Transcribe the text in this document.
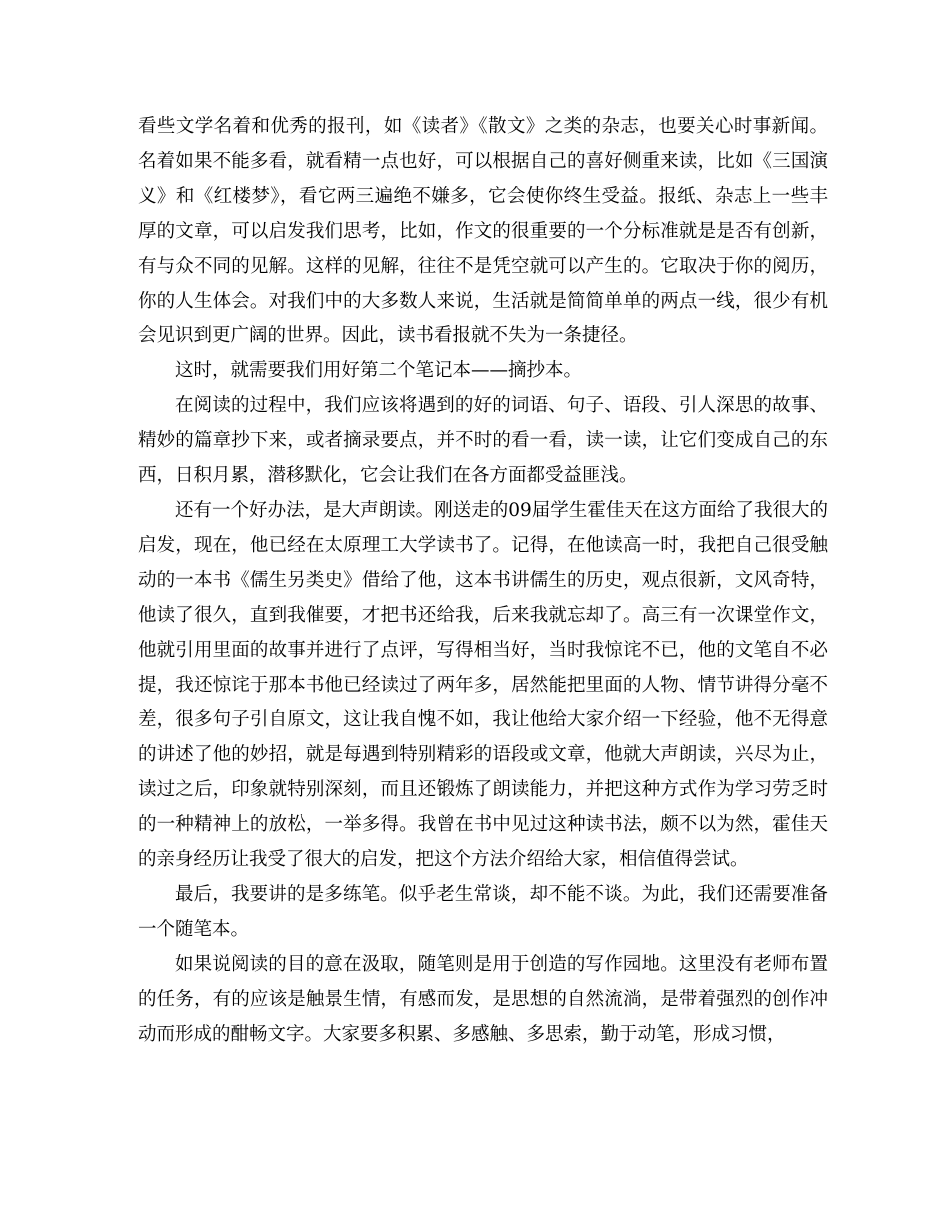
看些文学名着和优秀的报刊，如《读者》《散文》之类的杂志，也要关心时事新闻。名着如果不能多看，就看精一点也好，可以根据自己的喜好侧重来读，比如《三国演义》和《红楼梦》，看它两三遍绝不嫌多，它会使你终生受益。报纸、杂志上一些丰厚的文章，可以启发我们思考，比如，作文的很重要的一个分标准就是是否有创新，有与众不同的见解。这样的见解，往往不是凭空就可以产生的。它取决于你的阅历，你的人生体会。对我们中的大多数人来说，生活就是简简单单的两点一线，很少有机会见识到更广阔的世界。因此，读书看报就不失为一条捷径。

这时，就需要我们用好第二个笔记本——摘抄本。

在阅读的过程中，我们应该将遇到的好的词语、句子、语段、引人深思的故事、精妙的篇章抄下来，或者摘录要点，并不时的看一看，读一读，让它们变成自己的东西，日积月累，潜移默化，它会让我们在各方面都受益匪浅。

还有一个好办法，是大声朗读。刚送走的09届学生霍佳天在这方面给了我很大的启发，现在，他已经在太原理工大学读书了。记得，在他读高一时，我把自己很受触动的一本书《儒生另类史》借给了他，这本书讲儒生的历史，观点很新，文风奇特，他读了很久，直到我催要，才把书还给我，后来我就忘却了。高三有一次课堂作文，他就引用里面的故事并进行了点评，写得相当好，当时我惊诧不已，他的文笔自不必提，我还惊诧于那本书他已经读过了两年多，居然能把里面的人物、情节讲得分毫不差，很多句子引自原文，这让我自愧不如，我让他给大家介绍一下经验，他不无得意的讲述了他的妙招，就是每遇到特别精彩的语段或文章，他就大声朗读，兴尽为止，读过之后，印象就特别深刻，而且还锻炼了朗读能力，并把这种方式作为学习劳乏时的一种精神上的放松，一举多得。我曾在书中见过这种读书法，颇不以为然，霍佳天的亲身经历让我受了很大的启发，把这个方法介绍给大家，相信值得尝试。

最后，我要讲的是多练笔。似乎老生常谈，却不能不谈。为此，我们还需要准备一个随笔本。

如果说阅读的目的意在汲取，随笔则是用于创造的写作园地。这里没有老师布置的任务，有的应该是触景生情，有感而发，是思想的自然流淌，是带着强烈的创作冲动而形成的酣畅文字。大家要多积累、多感触、多思索，勤于动笔，形成习惯，
